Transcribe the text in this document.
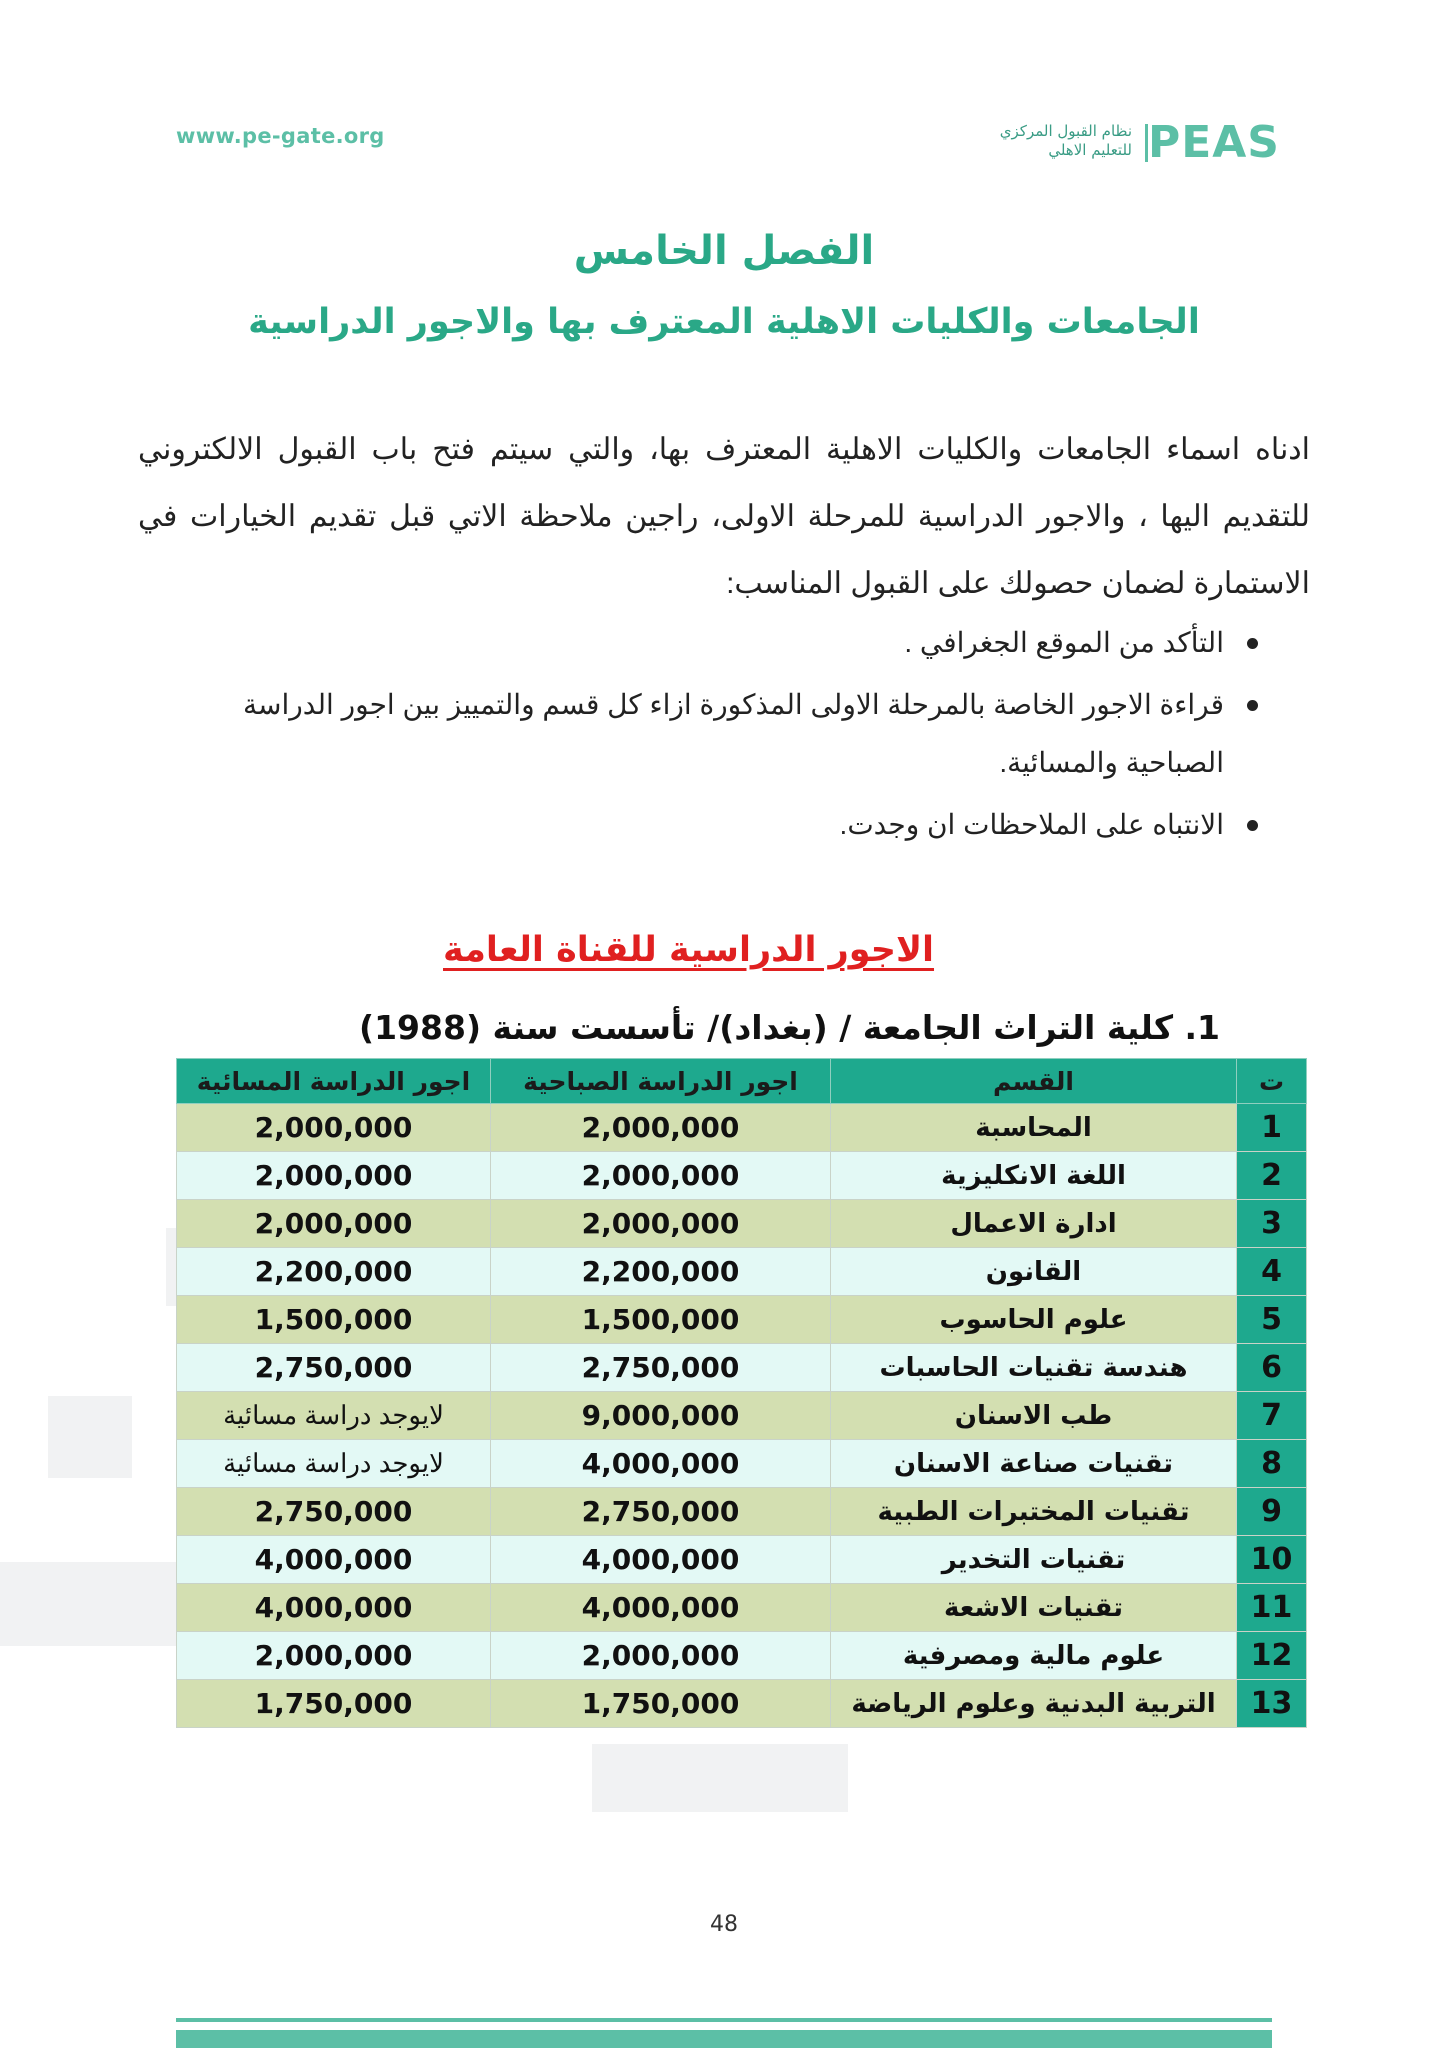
www.pe-gate.org	نظام القبول المركزي
للتعليم الاهلي PEAS
الفصل الخامس
الجامعات والكليات الاهلية المعترف بها والاجور الدراسية

ادناه اسماء الجامعات والكليات الاهلية المعترف بها، والتي سيتم فتح باب القبول الالكتروني للتقديم اليها ، والاجور الدراسية للمرحلة الاولى، راجين ملاحظة الاتي قبل تقديم الخيارات في الاستمارة لضمان حصولك على القبول المناسب:

التأكد من الموقع الجغرافي .
قراءة الاجور الخاصة بالمرحلة الاولى المذكورة ازاء كل قسم والتمييز بين اجور الدراسة الصباحية والمسائية.
الانتباه على الملاحظات ان وجدت.
الاجور الدراسية للقناة العامة
1. كلية التراث الجامعة / (بغداد)/ تأسست سنة (1988)
ت	القسم	اجور الدراسة الصباحية	اجور الدراسة المسائية
1	المحاسبة	2,000,000	2,000,000
2	اللغة الانكليزية	2,000,000	2,000,000
3	ادارة الاعمال	2,000,000	2,000,000
4	القانون	2,200,000	2,200,000
5	علوم الحاسوب	1,500,000	1,500,000
6	هندسة تقنيات الحاسبات	2,750,000	2,750,000
7	طب الاسنان	9,000,000	لايوجد دراسة مسائية
8	تقنيات صناعة الاسنان	4,000,000	لايوجد دراسة مسائية
9	تقنيات المختبرات الطبية	2,750,000	2,750,000
10	تقنيات التخدير	4,000,000	4,000,000
11	تقنيات الاشعة	4,000,000	4,000,000
12	علوم مالية ومصرفية	2,000,000	2,000,000
13	التربية البدنية وعلوم الرياضة	1,750,000	1,750,000
48
